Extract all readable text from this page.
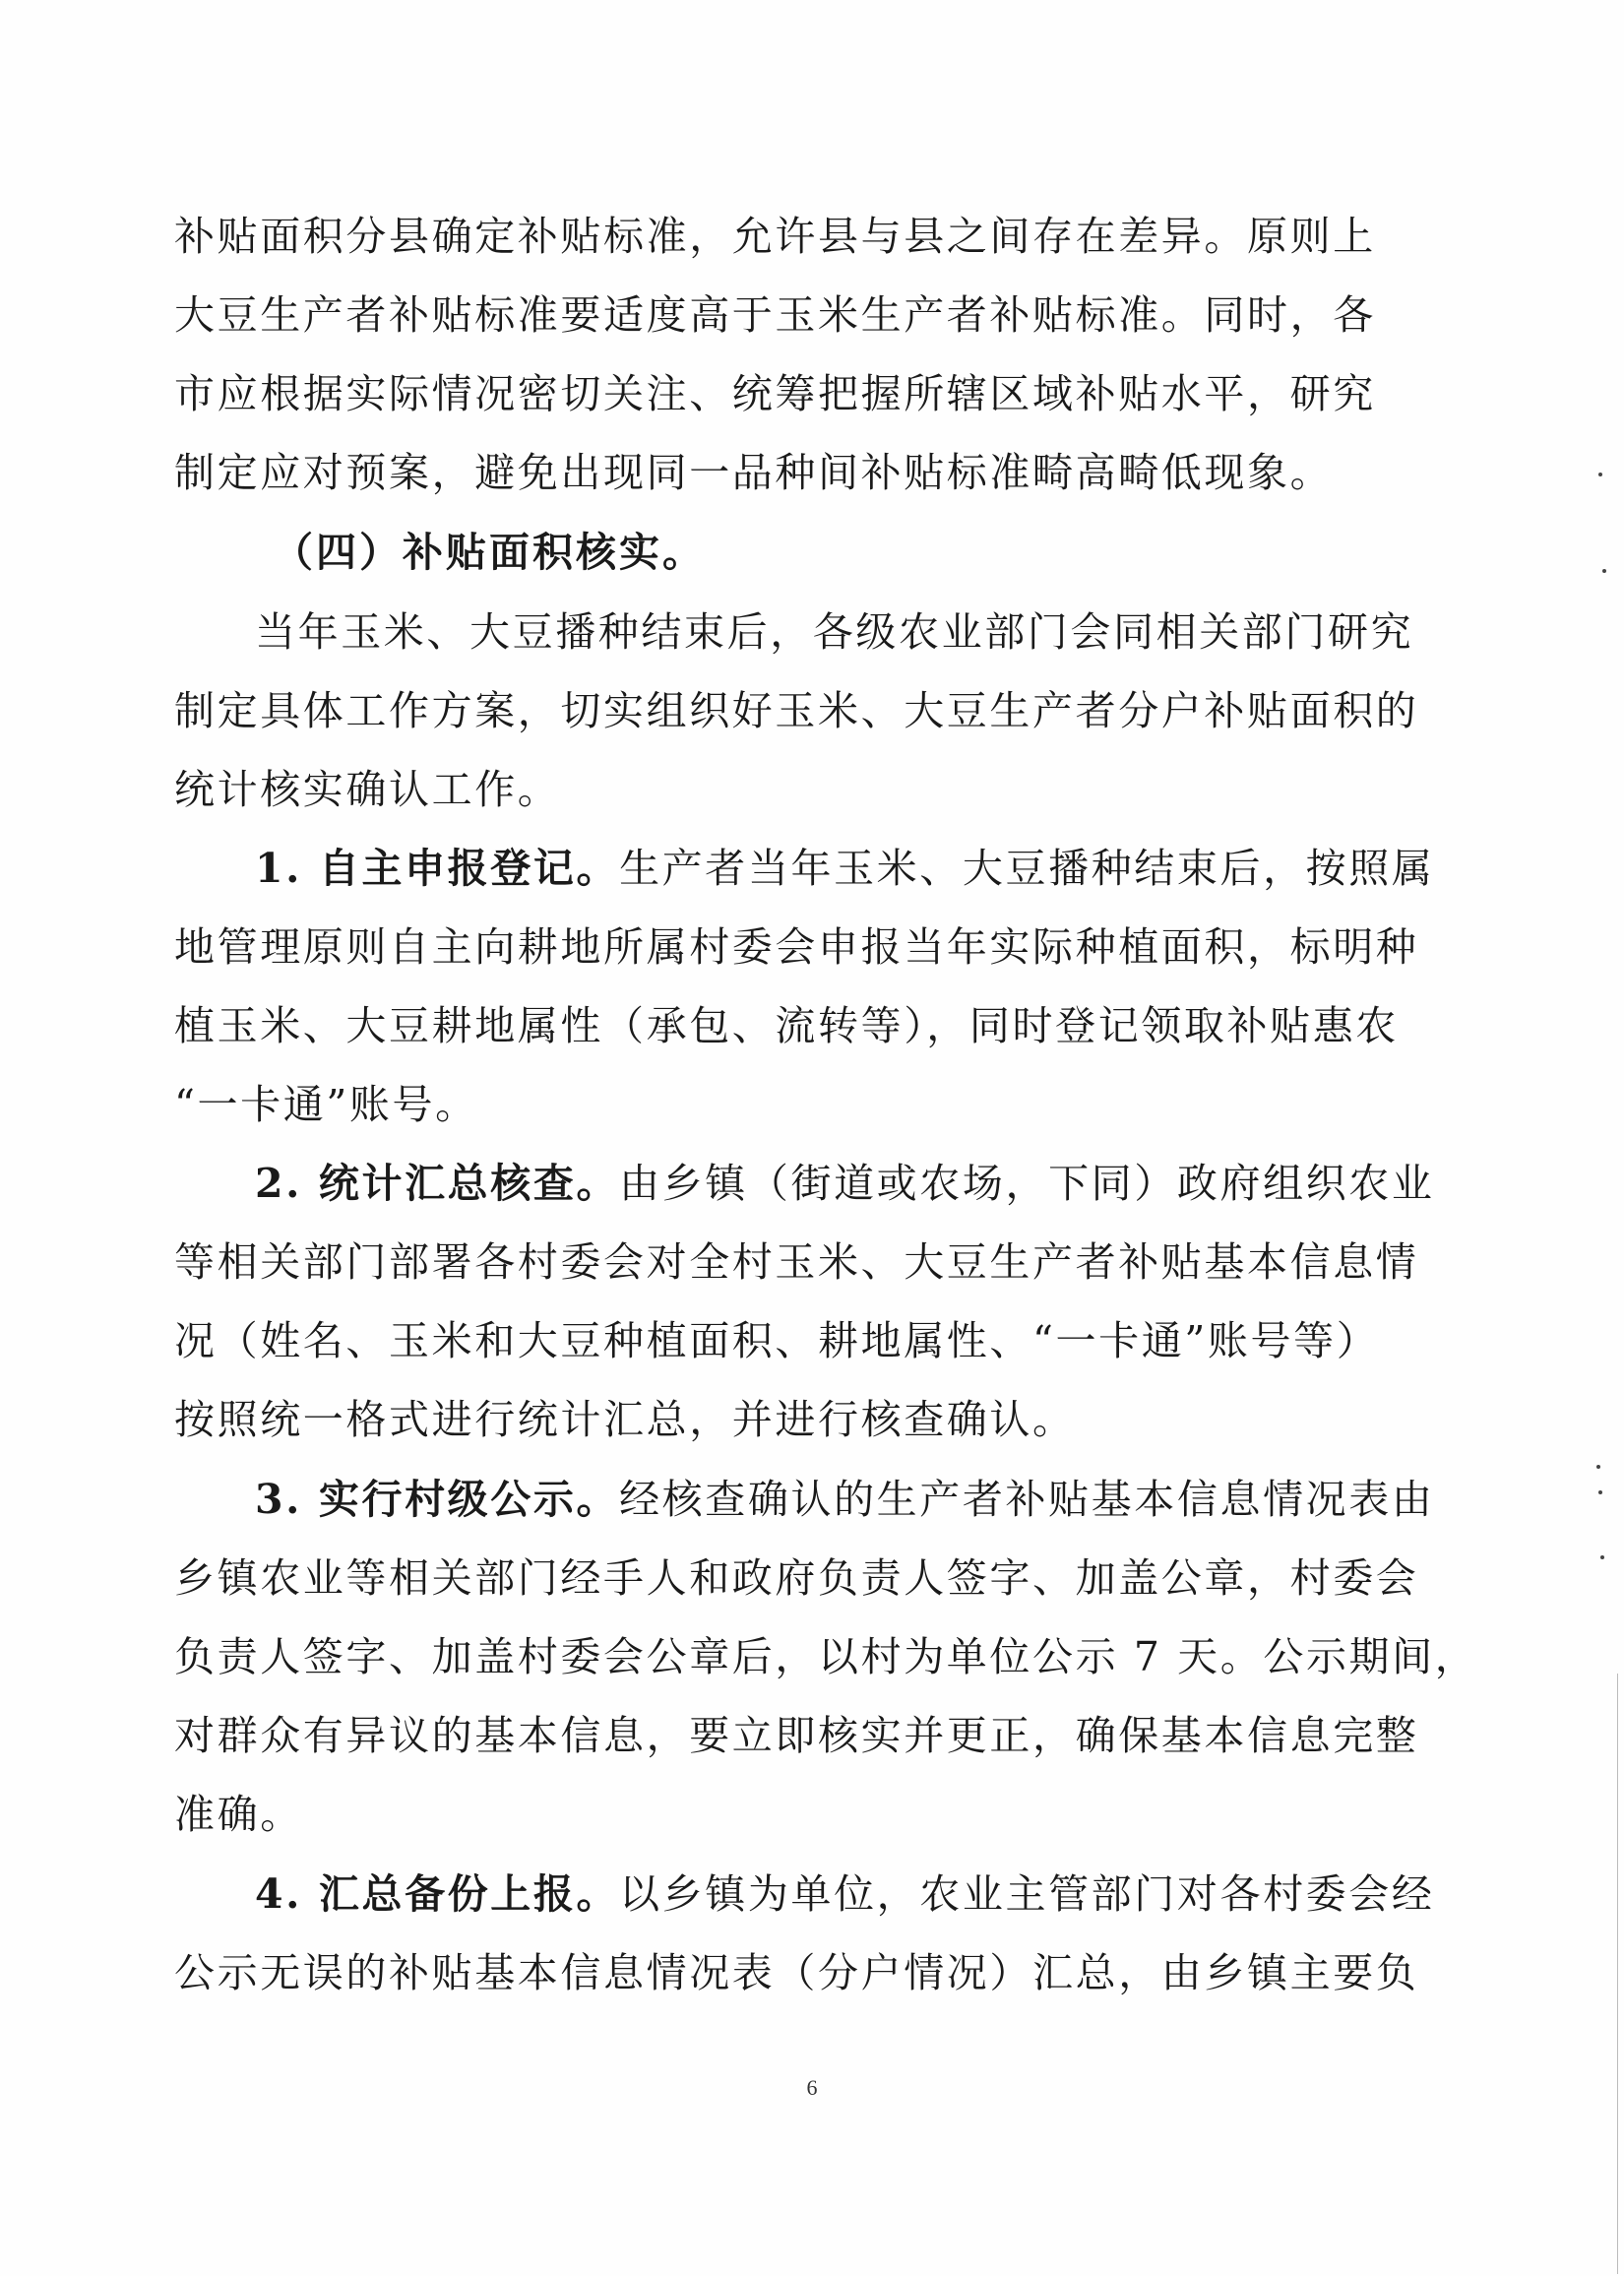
补贴面积分县确定补贴标准，允许县与县之间存在差异。原则上
大豆生产者补贴标准要适度高于玉米生产者补贴标准。同时，各
市应根据实际情况密切关注、统筹把握所辖区域补贴水平，研究
制定应对预案，避免出现同一品种间补贴标准畸高畸低现象。
（四）补贴面积核实。
当年玉米、大豆播种结束后，各级农业部门会同相关部门研究
制定具体工作方案，切实组织好玉米、大豆生产者分户补贴面积的
统计核实确认工作。
1. 自主申报登记。生产者当年玉米、大豆播种结束后，按照属
地管理原则自主向耕地所属村委会申报当年实际种植面积，标明种
植玉米、大豆耕地属性（承包、流转等），同时登记领取补贴惠农
“一卡通”账号。
2. 统计汇总核查。由乡镇（街道或农场，下同）政府组织农业
等相关部门部署各村委会对全村玉米、大豆生产者补贴基本信息情
况（姓名、玉米和大豆种植面积、耕地属性、“一卡通”账号等）
按照统一格式进行统计汇总，并进行核查确认。
3. 实行村级公示。经核查确认的生产者补贴基本信息情况表由
乡镇农业等相关部门经手人和政府负责人签字、加盖公章，村委会
负责人签字、加盖村委会公章后，以村为单位公示 7 天。公示期间，
对群众有异议的基本信息，要立即核实并更正，确保基本信息完整
准确。
4. 汇总备份上报。以乡镇为单位，农业主管部门对各村委会经
公示无误的补贴基本信息情况表（分户情况）汇总，由乡镇主要负
6
